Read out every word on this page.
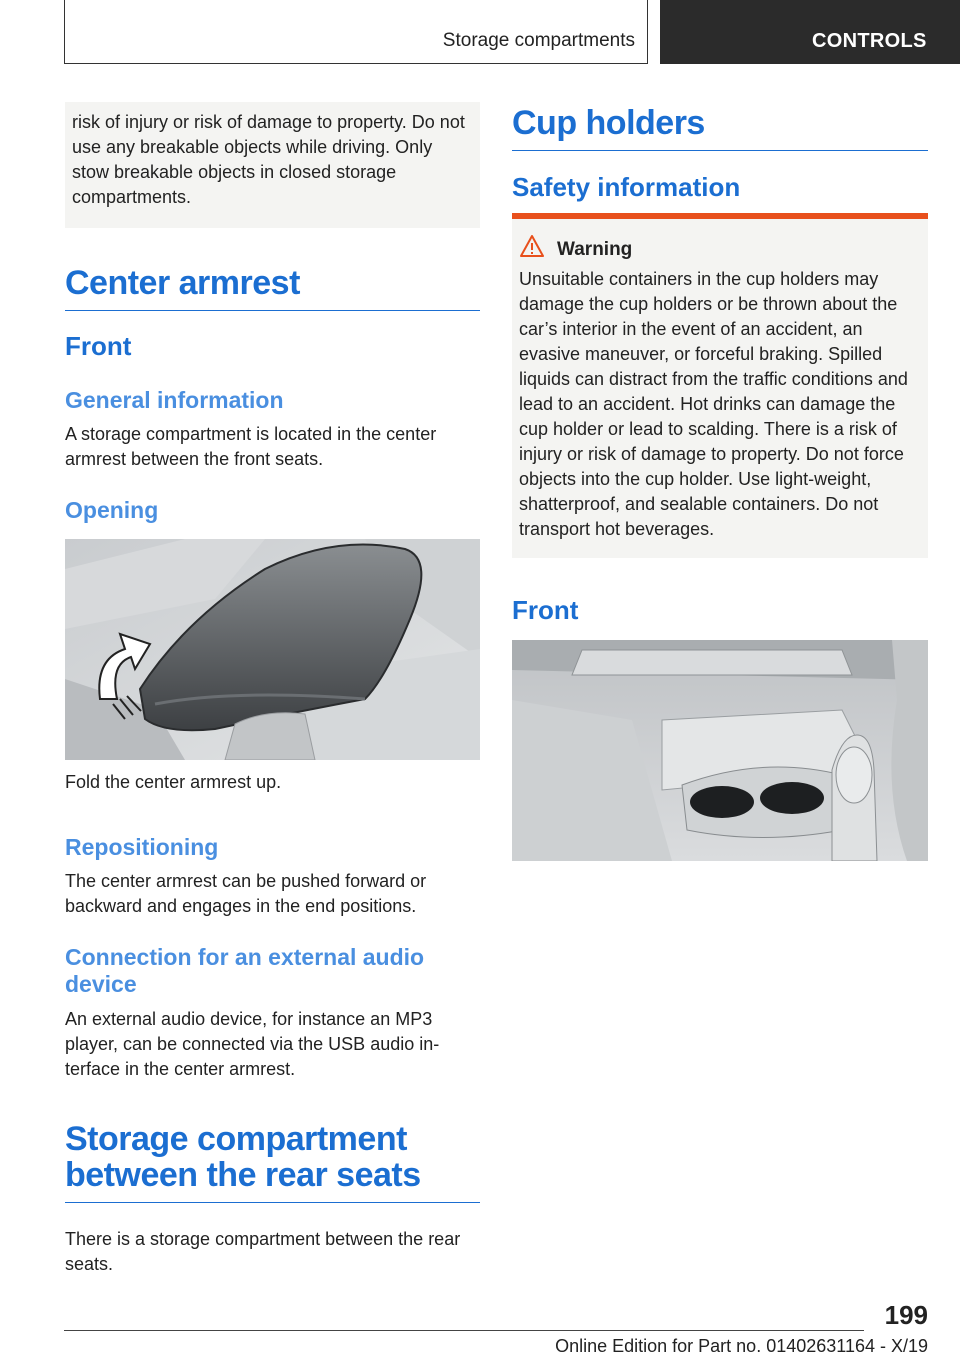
Storage compartments	CONTROLS
risk of injury or risk of damage to property. Do not use any breakable objects while driving. Only stow breakable objects in closed storage compartments.
Center armrest
Front
General information

A storage compartment is located in the center armrest between the front seats.

Opening

Fold the center armrest up.

Repositioning

The center armrest can be pushed forward or backward and engages in the end positions.

Connection for an external audio device

An external audio device, for instance an MP3 player, can be connected via the USB audio in-terface in the center armrest.

Storage compartment between the rear seats

There is a storage compartment between the rear seats.

Cup holders
Safety information
Warning

Unsuitable containers in the cup holders may damage the cup holders or be thrown about the car’s interior in the event of an accident, an evasive maneuver, or forceful braking. Spilled liquids can distract from the traffic conditions and lead to an accident. Hot drinks can damage the cup holder or lead to scalding. There is a risk of injury or risk of damage to property. Do not force objects into the cup holder. Use light-weight, shatterproof, and sealable containers. Do not transport hot beverages.

Front
199
Online Edition for Part no. 01402631164 - X/19
